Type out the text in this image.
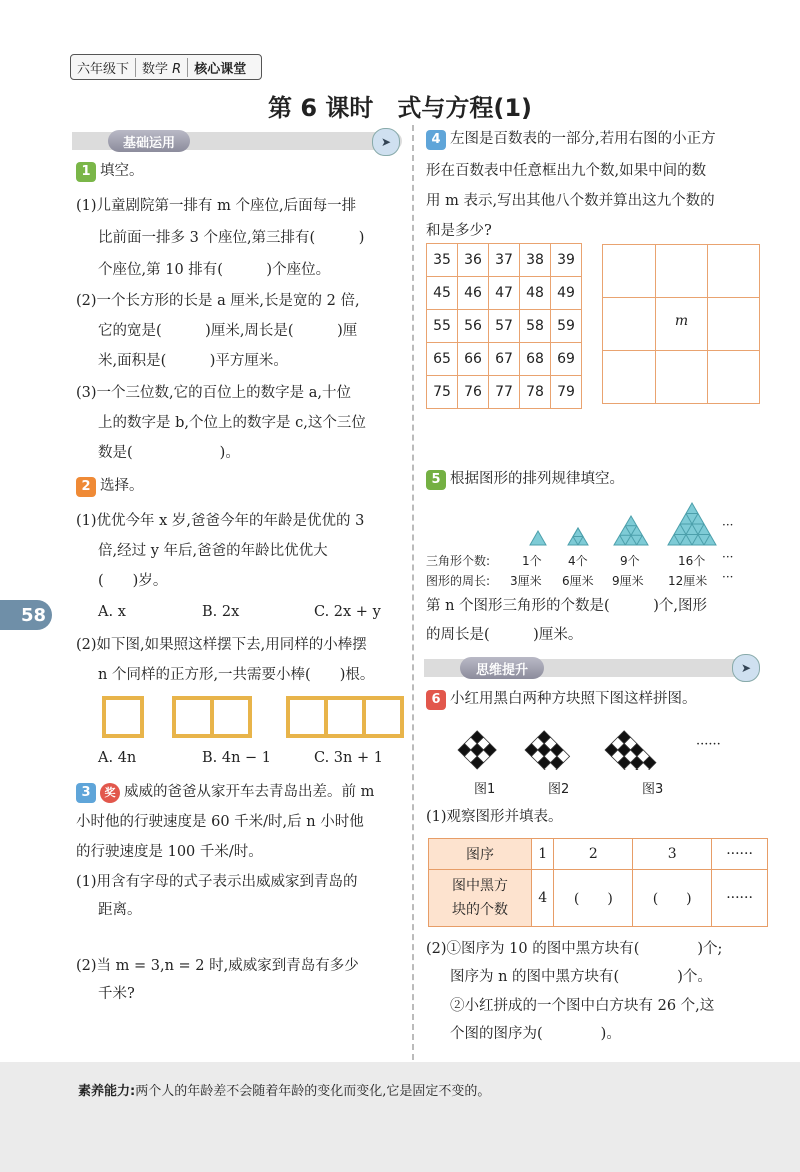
六年级下	数学 R	核心课堂
第 6 课时　式与方程(1)
基础运用	➤
1 填空。
(1)儿童剧院第一排有 m 个座位,后面每一排
比前面一排多 3 个座位,第三排有(　　　)
个座位,第 10 排有(　　　)个座位。
(2)一个长方形的长是 a 厘米,长是宽的 2 倍,
它的宽是(　　　)厘米,周长是(　　　)厘
米,面积是(　　　)平方厘米。
(3)一个三位数,它的百位上的数字是 a,十位
上的数字是 b,个位上的数字是 c,这个三位
数是(　　　　　　)。
2 选择。
(1)优优今年 x 岁,爸爸今年的年龄是优优的 3
倍,经过 y 年后,爸爸的年龄比优优大
(　　)岁。
A. x	B. 2x	C. 2x + y
(2)如下图,如果照这样摆下去,用同样的小棒摆
n 个同样的正方形,一共需要小棒(　　)根。
A. 4n	B. 4n − 1	C. 3n + 1
58
3 奖 威威的爸爸从家开车去青岛出差。前 m
小时他的行驶速度是 60 千米/时,后 n 小时他
的行驶速度是 100 千米/时。
(1)用含有字母的式子表示出威威家到青岛的
距离。
(2)当 m = 3,n = 2 时,威威家到青岛有多少
千米?
4 左图是百数表的一部分,若用右图的小正方
形在百数表中任意框出九个数,如果中间的数
用 m 表示,写出其他八个数并算出这九个数的
和是多少?
35	36	37	38	39
45	46	47	48	49
55	56	57	58	59
65	66	67	68	69
75	76	77	78	79
m
5 根据图形的排列规律填空。
···
三角形个数:	1个 4个	9个	16个 ···
图形的周长: 3厘米 6厘米 9厘米 12厘米 ···
第 n 个图形三角形的个数是(　　　)个,图形
的周长是(　　　)厘米。
思维提升	➤
6 小红用黑白两种方块照下图这样拼图。
······
图1	图2	图3
(1)观察图形并填表。
图序	1	2	3	······

图中黑方
块的个数	4	(　　)	(　　)	······
(2)①图序为 10 的图中黑方块有(　　　　)个;
图序为 n 的图中黑方块有(　　　　)个。
②小红拼成的一个图中白方块有 26 个,这
个图的图序为(　　　　)。
素养能力:两个人的年龄差不会随着年龄的变化而变化,它是固定不变的。
